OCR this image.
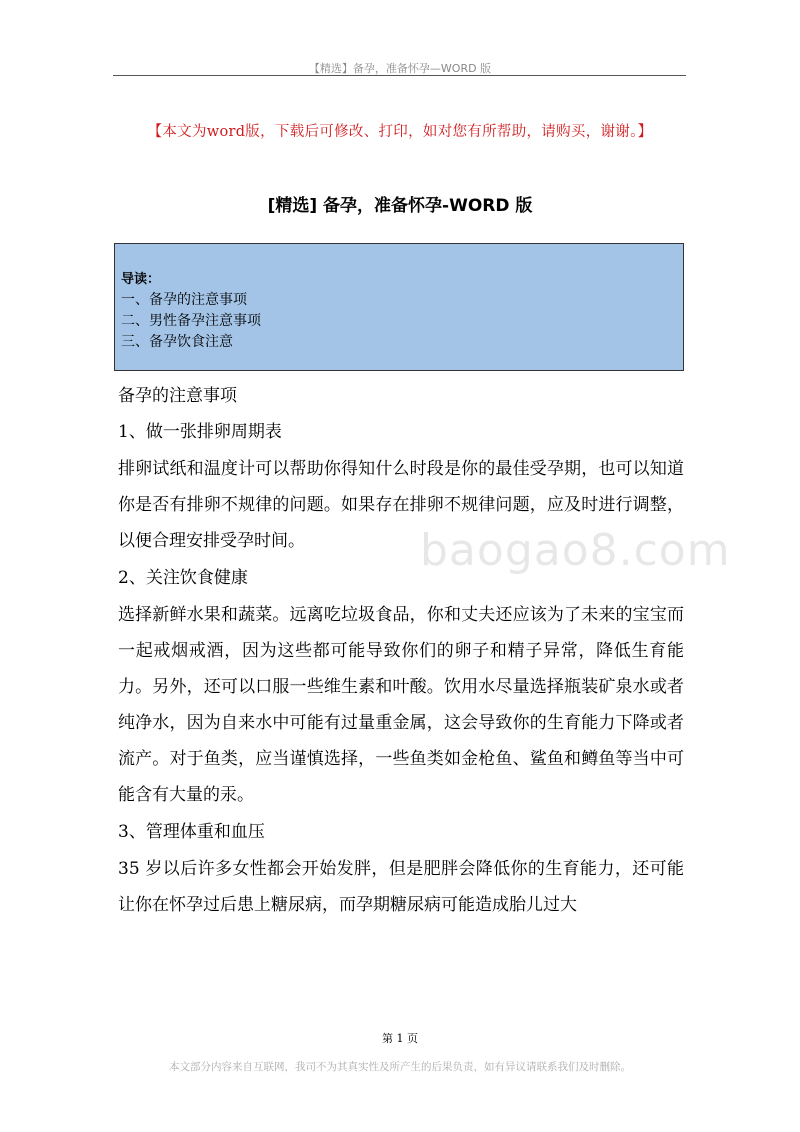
【精选】备孕，准备怀孕—WORD 版
【本文为word版，下载后可修改、打印，如对您有所帮助，请购买，谢谢。】
[精选] 备孕，准备怀孕-WORD 版
导读：
一、备孕的注意事项
二、男性备孕注意事项
三、备孕饮食注意

备孕的注意事项

1、做一张排卵周期表

排卵试纸和温度计可以帮助你得知什么时段是你的最佳受孕期，也可以知道你是否有排卵不规律的问题。如果存在排卵不规律问题，应及时进行调整，以便合理安排受孕时间。

2、关注饮食健康

选择新鲜水果和蔬菜。远离吃垃圾食品，你和丈夫还应该为了未来的宝宝而一起戒烟戒酒，因为这些都可能导致你们的卵子和精子异常，降低生育能力。另外，还可以口服一些维生素和叶酸。饮用水尽量选择瓶装矿泉水或者纯净水，因为自来水中可能有过量重金属，这会导致你的生育能力下降或者流产。对于鱼类，应当谨慎选择，一些鱼类如金枪鱼、鲨鱼和鳟鱼等当中可能含有大量的汞。

3、管理体重和血压

35 岁以后许多女性都会开始发胖，但是肥胖会降低你的生育能力，还可能让你在怀孕过后患上糖尿病，而孕期糖尿病可能造成胎儿过大

baogao8.com
第 1 页
本文部分内容来自互联网，我司不为其真实性及所产生的后果负责，如有异议请联系我们及时删除。
